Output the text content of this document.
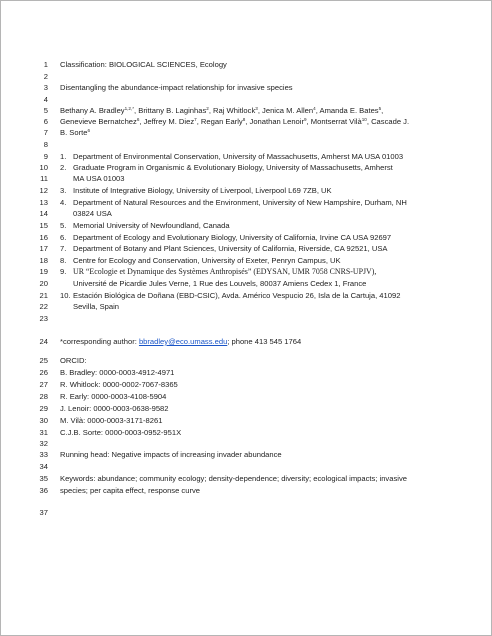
1
2
3
4
5
6
7
8
9
10
11
12
13
14
15
16
17
18
19
20
21
22
23
24
25
26
27
28
29
30
31
32
33
34
35
36
37
Classification: BIOLOGICAL SCIENCES, Ecology
Disentangling the abundance-impact relationship for invasive species
Bethany A. Bradley$^{1,2,*}$, Brittany B. Laginhas$^2$, Raj Whitlock$^3$, Jenica M. Allen$^4$, Amanda E. Bates$^5$,
Genevieve Bernatchez$^6$, Jeffrey M. Diez$^7$, Regan Early$^8$, Jonathan Lenoir$^9$, Montserrat Vilà$^{10}$, Cascade J.
B. Sorte$^6$
1. Department of Environmental Conservation, University of Massachusetts, Amherst MA USA 01003
2. Graduate Program in Organismic & Evolutionary Biology, University of Massachusetts, Amherst
MA USA 01003
3. Institute of Integrative Biology, University of Liverpool, Liverpool L69 7ZB, UK
4. Department of Natural Resources and the Environment, University of New Hampshire, Durham, NH
03824 USA
5. Memorial University of Newfoundland, Canada
6. Department of Ecology and Evolutionary Biology, University of California, Irvine CA USA 92697
7. Department of Botany and Plant Sciences, University of California, Riverside, CA 92521, USA
8. Centre for Ecology and Conservation, University of Exeter, Penryn Campus, UK
9. UR “Ecologie et Dynamique des Systèmes Anthropisés” (EDYSAN, UMR 7058 CNRS-UPJV),
Université de Picardie Jules Verne, 1 Rue des Louvels, 80037 Amiens Cedex 1, France
10. Estación Biológica de Doñana (EBD-CSIC), Avda. Américo Vespucio 26, Isla de la Cartuja, 41092
Sevilla, Spain
*corresponding author: bbradley@eco.umass.edu; phone 413 545 1764
ORCID:
B. Bradley: 0000-0003-4912-4971
R. Whitlock: 0000-0002-7067-8365
R. Early: 0000-0003-4108-5904
J. Lenoir: 0000-0003-0638-9582
M. Vilà: 0000-0003-3171-8261
C.J.B. Sorte: 0000-0003-0952-951X
Running head: Negative impacts of increasing invader abundance
Keywords: abundance; community ecology; density-dependence; diversity; ecological impacts; invasive
species; per capita effect, response curve
